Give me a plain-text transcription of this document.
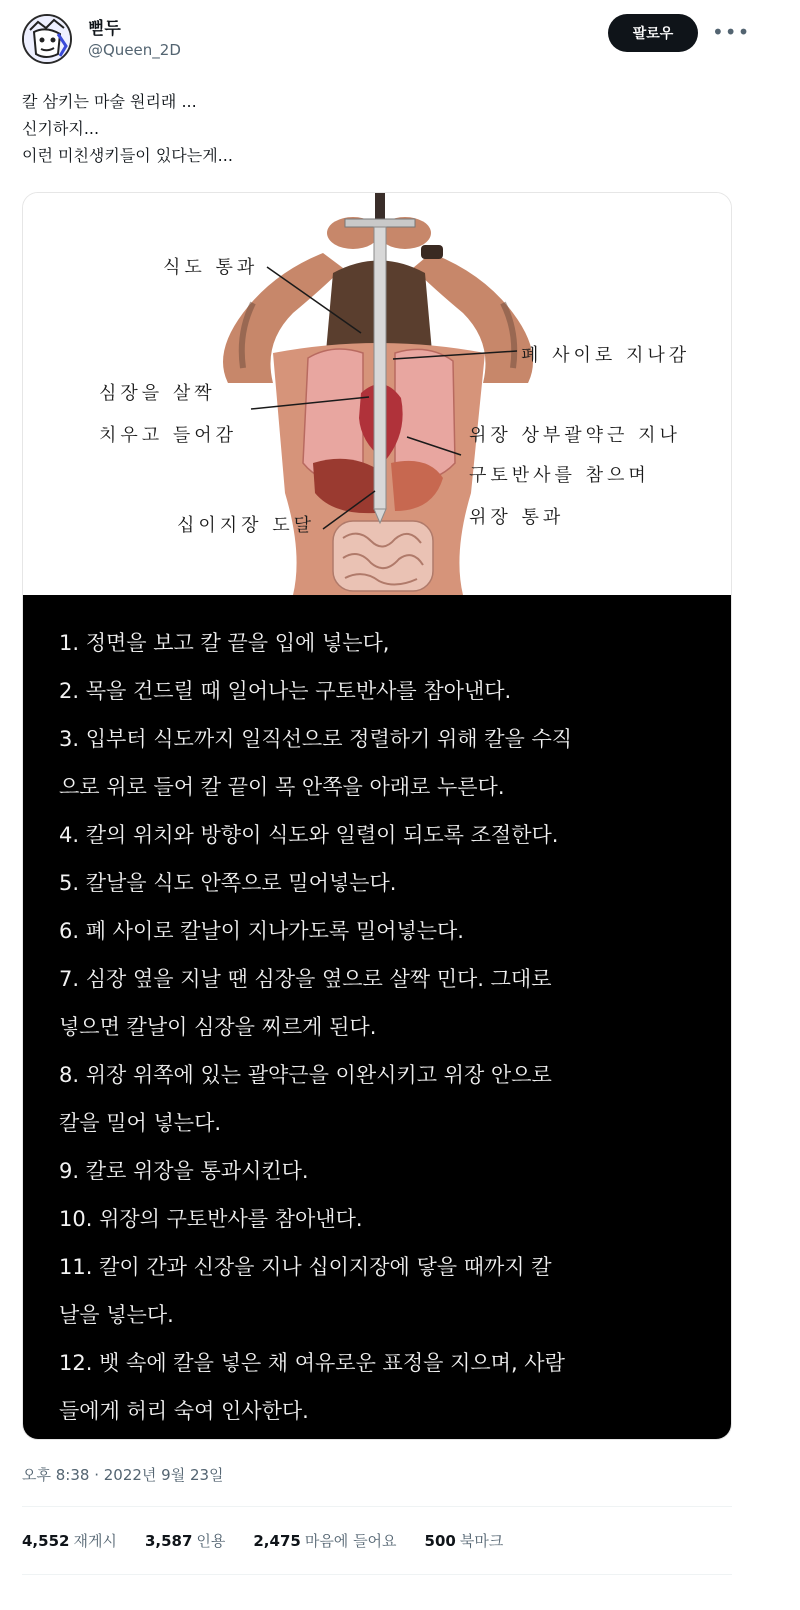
뻗두
@Queen_2D
팔로우	•••
칼 삼키는 마술 원리래 ...
신기하지...
이런 미친생키들이 있다는게...
식도 통과
폐 사이로 지나감
심장을 살짝
치우고 들어감	위장 상부괄약근 지나
구토반사를 참으며
위장 통과
십이지장 도달
1. 정면을 보고 칼 끝을 입에 넣는다,
2. 목을 건드릴 때 일어나는 구토반사를 참아낸다.
3. 입부터 식도까지 일직선으로 정렬하기 위해 칼을 수직
으로 위로 들어 칼 끝이 목 안쪽을 아래로 누른다.
4. 칼의 위치와 방향이 식도와 일렬이 되도록 조절한다.
5. 칼날을 식도 안쪽으로 밀어넣는다.
6. 폐 사이로 칼날이 지나가도록 밀어넣는다.
7. 심장 옆을 지날 땐 심장을 옆으로 살짝 민다. 그대로
넣으면 칼날이 심장을 찌르게 된다.
8. 위장 위쪽에 있는 괄약근을 이완시키고 위장 안으로
칼을 밀어 넣는다.
9. 칼로 위장을 통과시킨다.
10. 위장의 구토반사를 참아낸다.
11. 칼이 간과 신장을 지나 십이지장에 닿을 때까지 칼
날을 넣는다.
12. 뱃 속에 칼을 넣은 채 여유로운 표정을 지으며, 사람
들에게 허리 숙여 인사한다.
오후 8:38 · 2022년 9월 23일
4,552 재게시 3,587 인용 2,475 마음에 들어요 500 북마크
